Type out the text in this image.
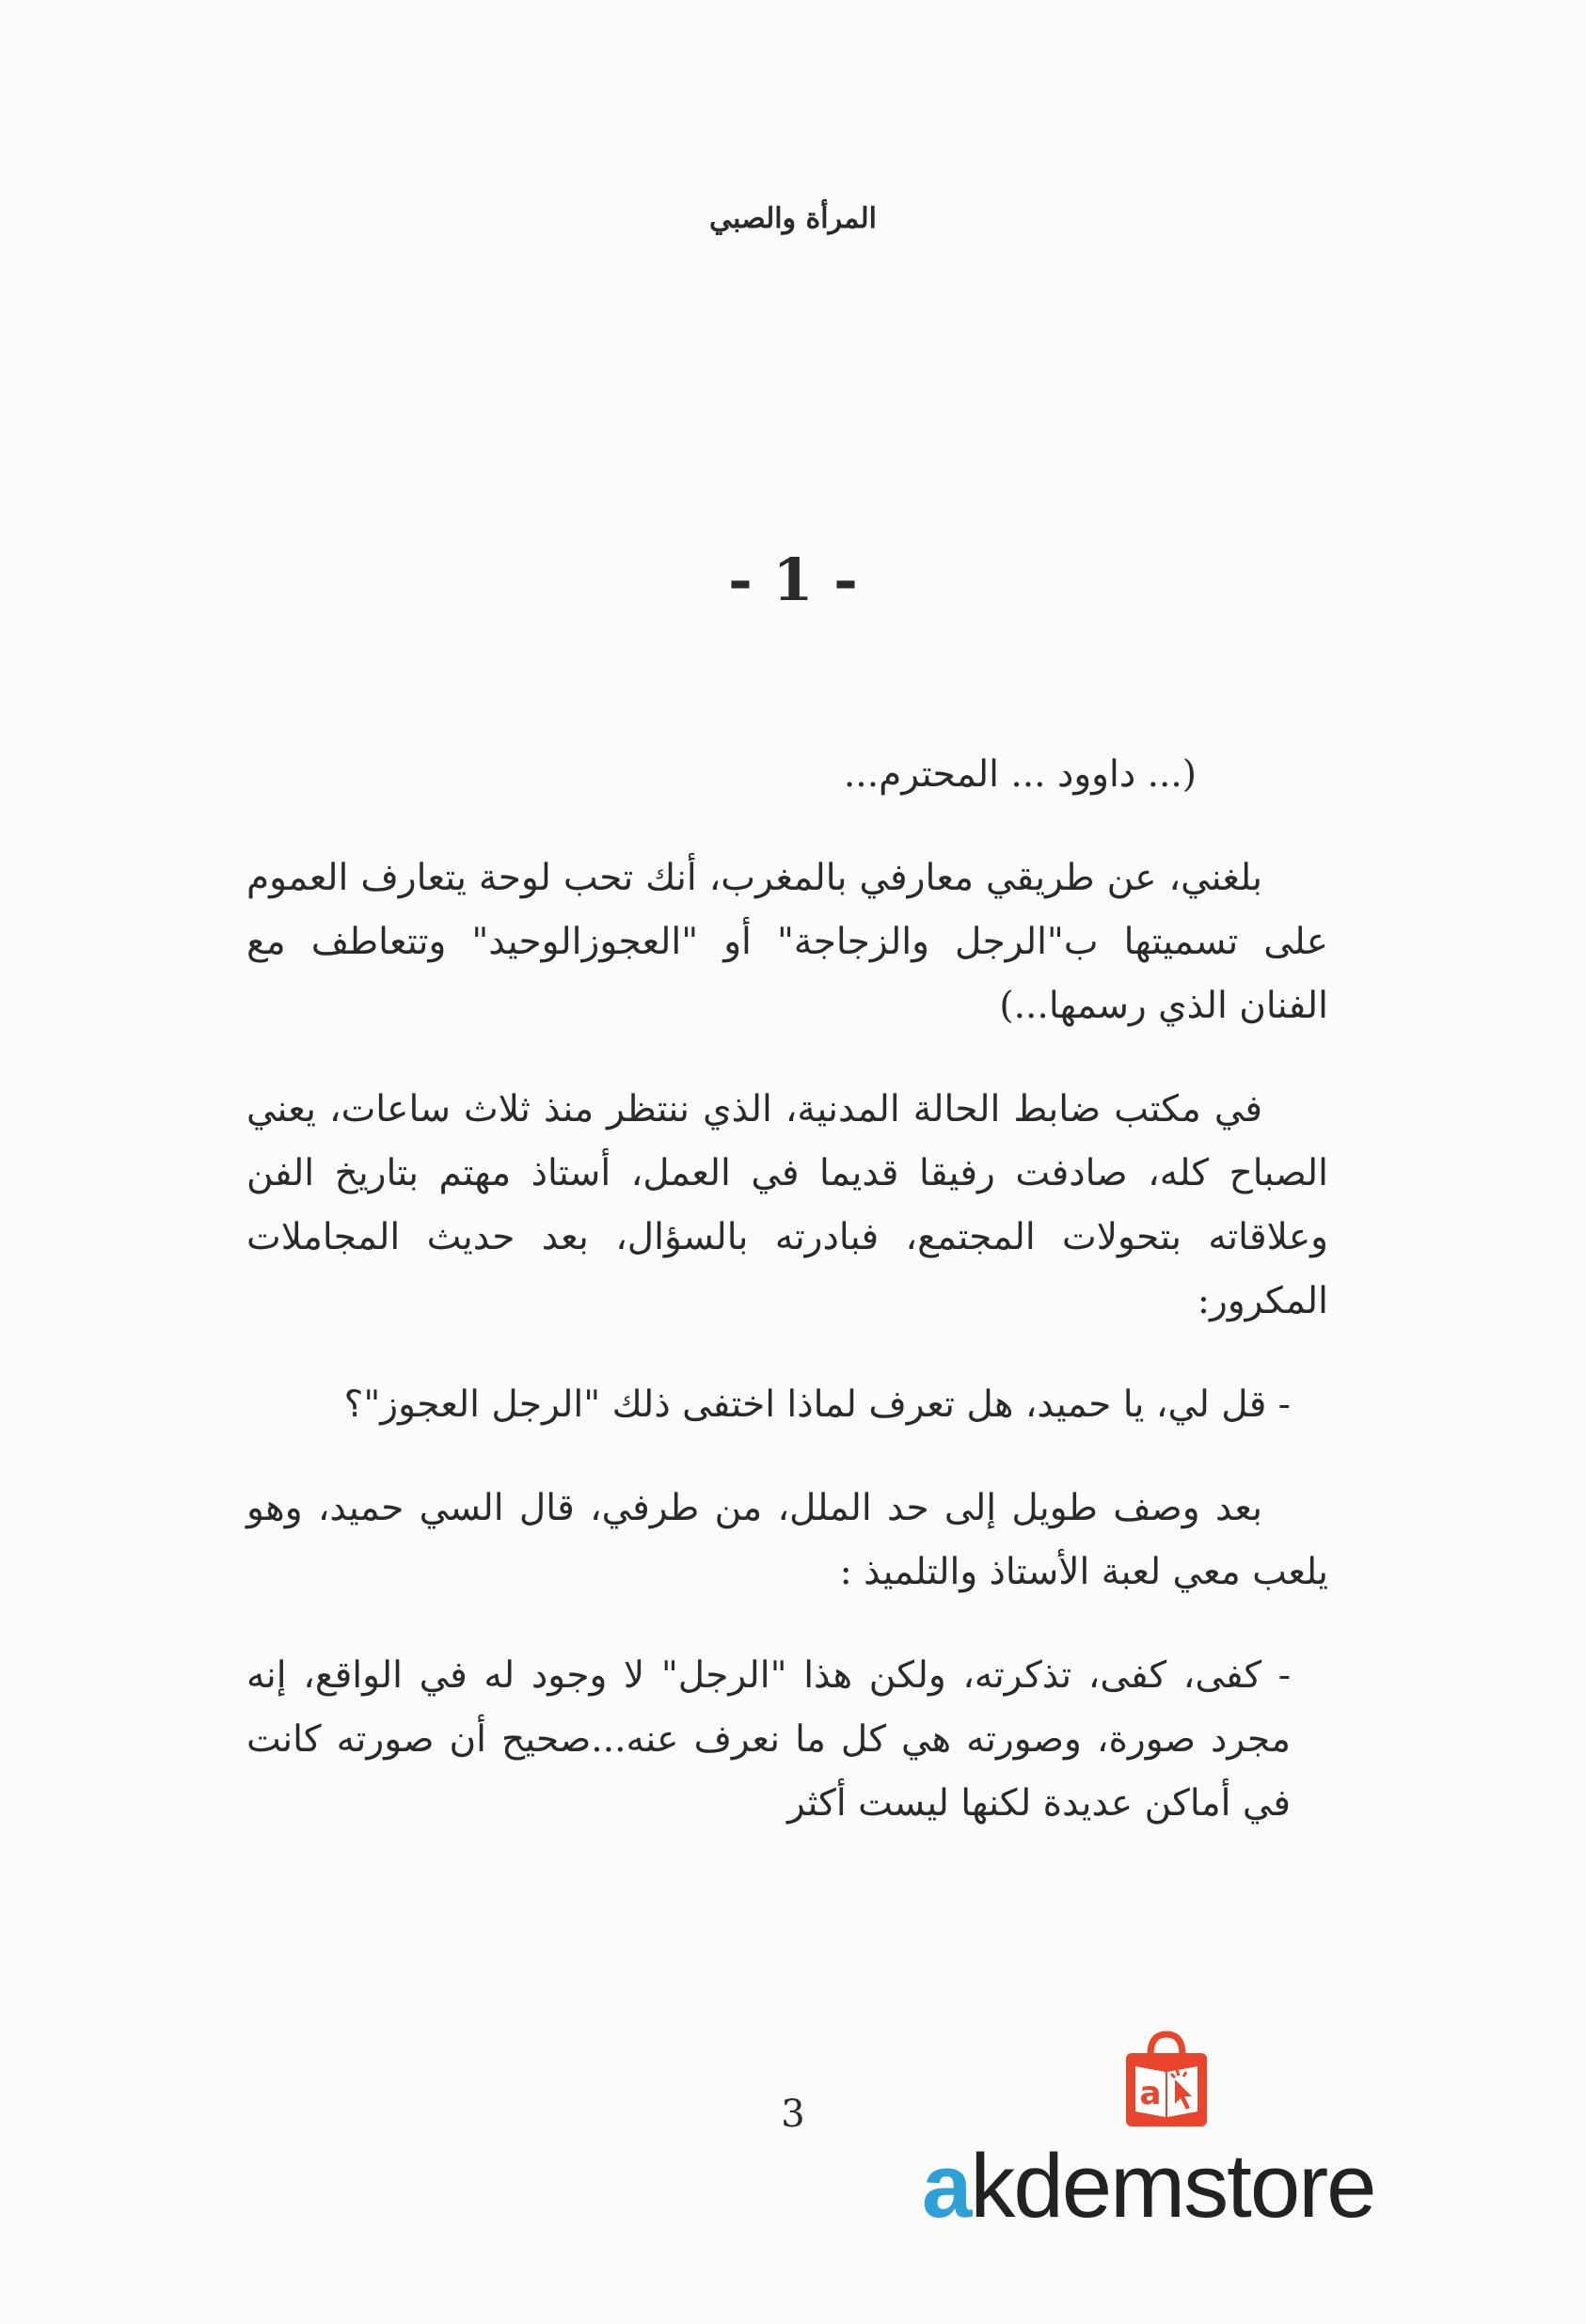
المرأة والصبي
- 1 -

(... داوود ... المحترم...

بلغني، عن طريقي معارفي بالمغرب، أنك تحب لوحة يتعارف العموم على تسميتها ب"الرجل والزجاجة" أو "العجوزالوحيد" وتتعاطف مع الفنان الذي رسمها...)

في مكتب ضابط الحالة المدنية، الذي ننتظر منذ ثلاث ساعات، يعني الصباح كله، صادفت رفيقا قديما في العمل، أستاذ مهتم بتاريخ الفن وعلاقاته بتحولات المجتمع، فبادرته بالسؤال، بعد حديث المجاملات المكرور:

- قل لي، يا حميد، هل تعرف لماذا اختفى ذلك "الرجل العجوز"؟

بعد وصف طويل إلى حد الملل، من طرفي، قال السي حميد، وهو يلعب معي لعبة الأستاذ والتلميذ :

- كفى، كفى، تذكرته، ولكن هذا "الرجل" لا وجود له في الواقع، إنه مجرد صورة، وصورته هي كل ما نعرف عنه...صحيح أن صورته كانت في أماكن عديدة لكنها ليست أكثر

3	a
akdemstore
